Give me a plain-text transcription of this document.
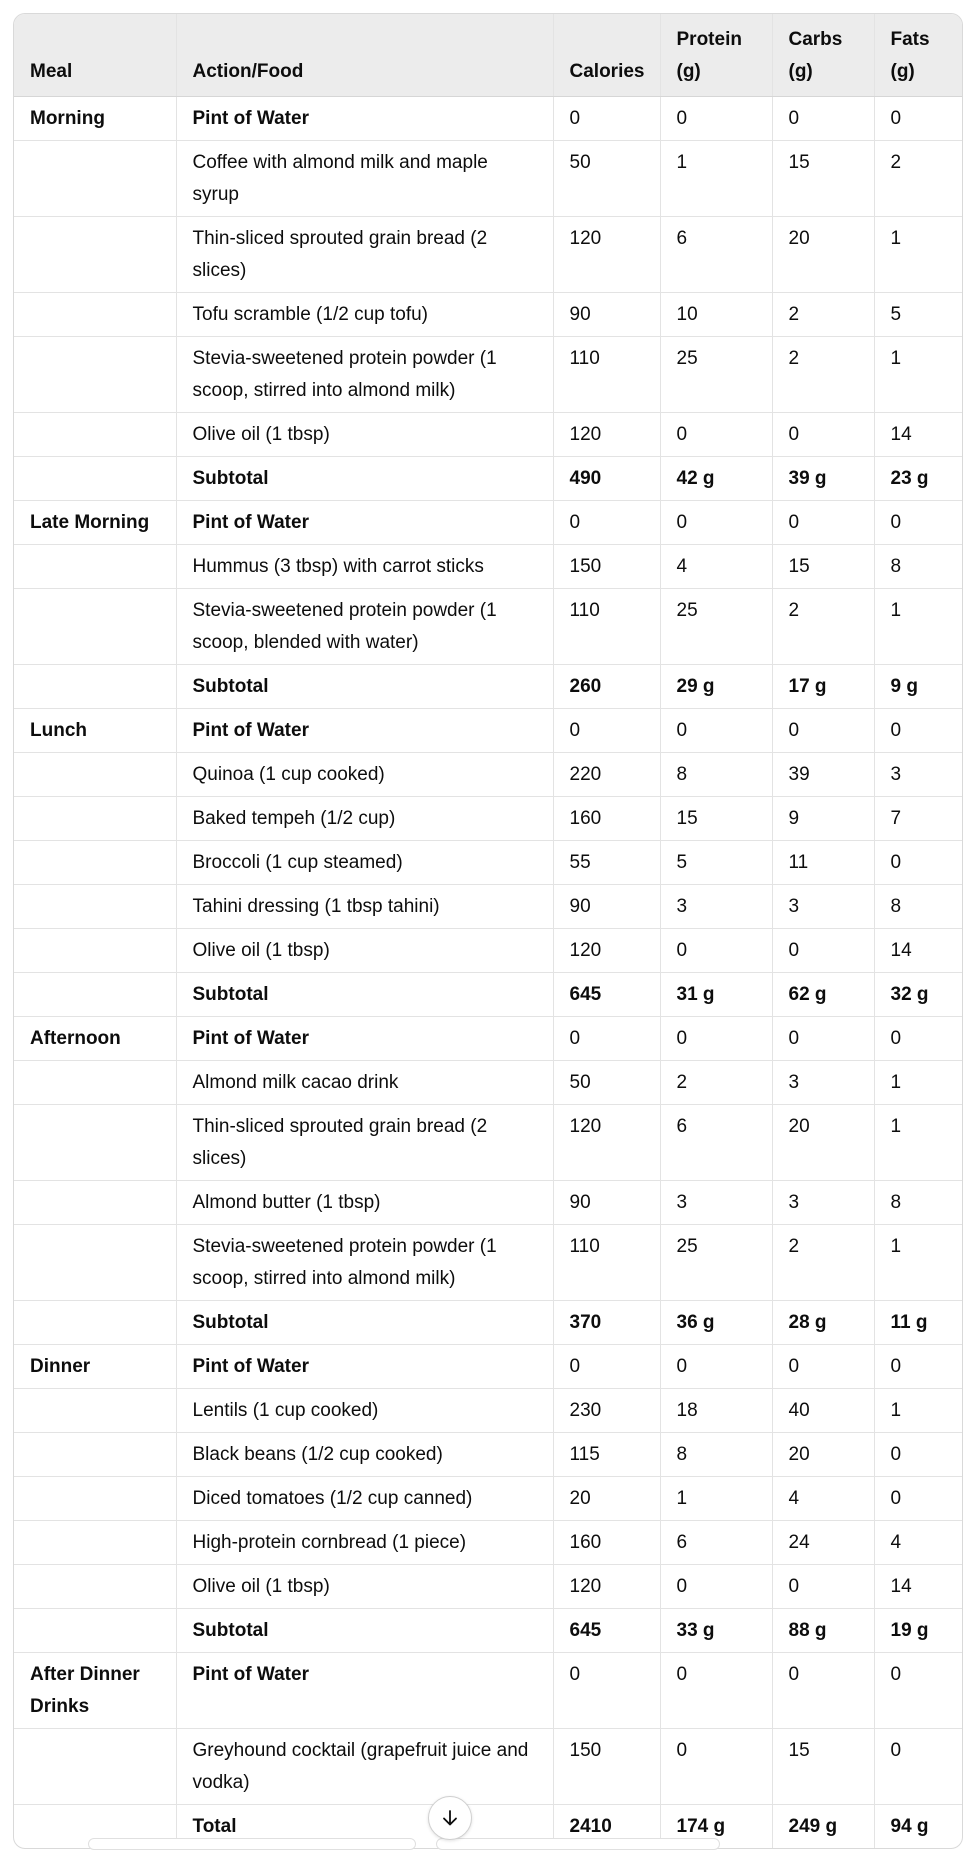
Meal	Action/Food	Calories	Protein (g)	Carbs (g)	Fats (g)
Morning	Pint of Water	0	0	0	0
	Coffee with almond milk and maple syrup	50	1	15	2
	Thin-sliced sprouted grain bread (2 slices)	120	6	20	1
	Tofu scramble (1/2 cup tofu)	90	10	2	5
	Stevia-sweetened protein powder (1 scoop, stirred into almond milk)	110	25	2	1
	Olive oil (1 tbsp)	120	0	0	14
	Subtotal	490	42 g	39 g	23 g
Late Morning	Pint of Water	0	0	0	0
	Hummus (3 tbsp) with carrot sticks	150	4	15	8
	Stevia-sweetened protein powder (1 scoop, blended with water)	110	25	2	1
	Subtotal	260	29 g	17 g	9 g
Lunch	Pint of Water	0	0	0	0
	Quinoa (1 cup cooked)	220	8	39	3
	Baked tempeh (1/2 cup)	160	15	9	7
	Broccoli (1 cup steamed)	55	5	11	0
	Tahini dressing (1 tbsp tahini)	90	3	3	8
	Olive oil (1 tbsp)	120	0	0	14
	Subtotal	645	31 g	62 g	32 g
Afternoon	Pint of Water	0	0	0	0
	Almond milk cacao drink	50	2	3	1
	Thin-sliced sprouted grain bread (2 slices)	120	6	20	1
	Almond butter (1 tbsp)	90	3	3	8
	Stevia-sweetened protein powder (1 scoop, stirred into almond milk)	110	25	2	1
	Subtotal	370	36 g	28 g	11 g
Dinner	Pint of Water	0	0	0	0
	Lentils (1 cup cooked)	230	18	40	1
	Black beans (1/2 cup cooked)	115	8	20	0
	Diced tomatoes (1/2 cup canned)	20	1	4	0
	High-protein cornbread (1 piece)	160	6	24	4
	Olive oil (1 tbsp)	120	0	0	14
	Subtotal	645	33 g	88 g	19 g
After Dinner Drinks	Pint of Water	0	0	0	0
	Greyhound cocktail (grapefruit juice and vodka)	150	0	15	0
	Total	2410	174 g	249 g	94 g
